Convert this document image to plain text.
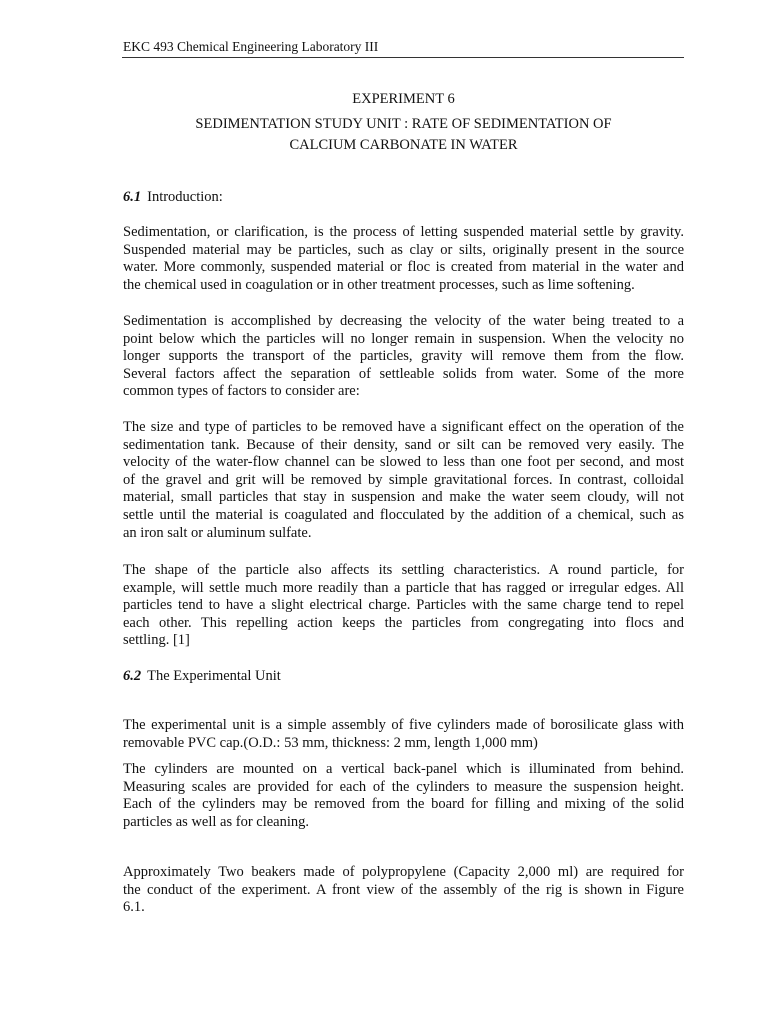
EKC 493 Chemical Engineering Laboratory III
EXPERIMENT 6
SEDIMENTATION STUDY UNIT : RATE OF SEDIMENTATION OF
CALCIUM CARBONATE IN WATER
6.1 Introduction:
Sedimentation, or clarification, is the process of letting suspended material settle by gravity.
Suspended material may be particles, such as clay or silts, originally present in the source
water. More commonly, suspended material or floc is created from material in the water and
the chemical used in coagulation or in other treatment processes, such as lime softening.
Sedimentation is accomplished by decreasing the velocity of the water being treated to a
point below which the particles will no longer remain in suspension. When the velocity no
longer supports the transport of the particles, gravity will remove them from the flow.
Several factors affect the separation of settleable solids from water. Some of the more
common types of factors to consider are:
The size and type of particles to be removed have a significant effect on the operation of the
sedimentation tank. Because of their density, sand or silt can be removed very easily. The
velocity of the water-flow channel can be slowed to less than one foot per second, and most
of the gravel and grit will be removed by simple gravitational forces. In contrast, colloidal
material, small particles that stay in suspension and make the water seem cloudy, will not
settle until the material is coagulated and flocculated by the addition of a chemical, such as
an iron salt or aluminum sulfate.
The shape of the particle also affects its settling characteristics. A round particle, for
example, will settle much more readily than a particle that has ragged or irregular edges. All
particles tend to have a slight electrical charge. Particles with the same charge tend to repel
each other. This repelling action keeps the particles from congregating into flocs and
settling. [1]
6.2 The Experimental Unit
The experimental unit is a simple assembly of five cylinders made of borosilicate glass with
removable PVC cap.(O.D.: 53 mm, thickness: 2 mm, length 1,000 mm)
The cylinders are mounted on a vertical back-panel which is illuminated from behind.
Measuring scales are provided for each of the cylinders to measure the suspension height.
Each of the cylinders may be removed from the board for filling and mixing of the solid
particles as well as for cleaning.
Approximately Two beakers made of polypropylene (Capacity 2,000 ml) are required for
the conduct of the experiment. A front view of the assembly of the rig is shown in Figure
6.1.
